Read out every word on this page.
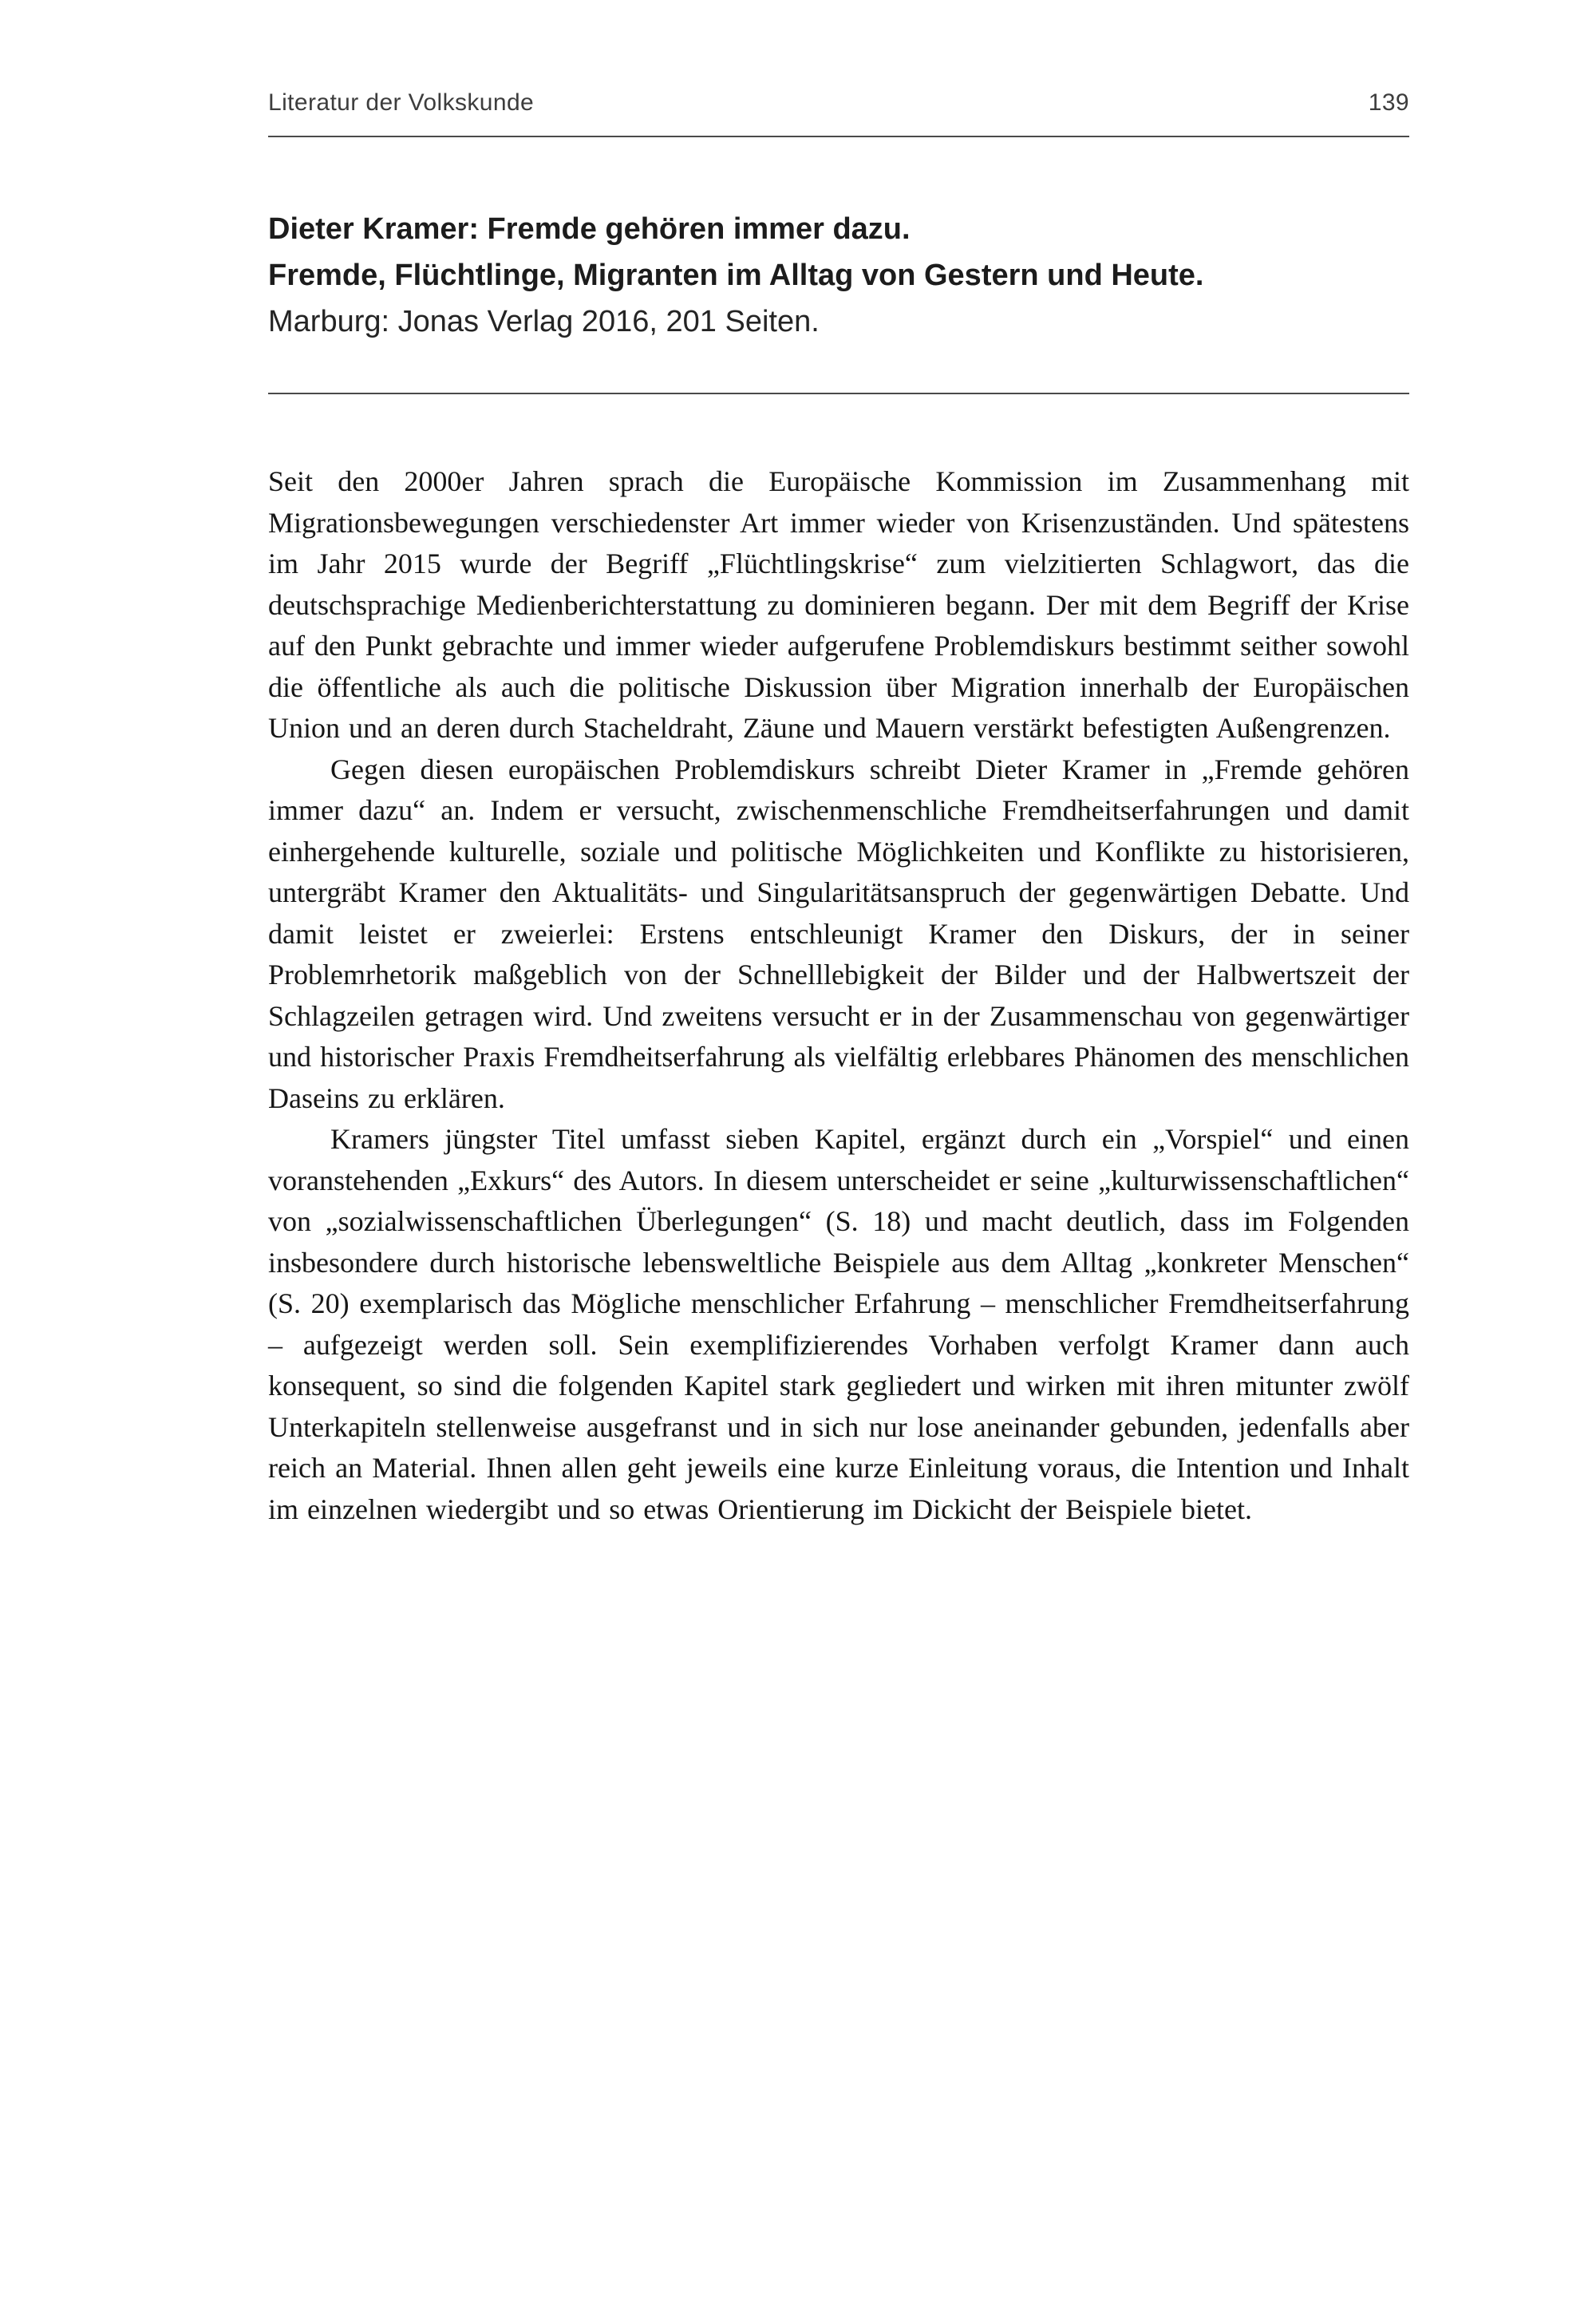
Literatur der Volkskunde	139
Dieter Kramer: Fremde gehören immer dazu.
Fremde, Flüchtlinge, Migranten im Alltag von Gestern und Heute.
Marburg: Jonas Verlag 2016, 201 Seiten.

Seit den 2000er Jahren sprach die Europäische Kommission im Zusammenhang mit Migrationsbewegungen verschiedenster Art immer wieder von Krisenzuständen. Und spätestens im Jahr 2015 wurde der Begriff „Flüchtlingskrise“ zum vielzitierten Schlagwort, das die deutschsprachige Medienberichterstattung zu dominieren begann. Der mit dem Begriff der Krise auf den Punkt gebrachte und immer wieder aufgerufene Problemdiskurs bestimmt seither sowohl die öffentliche als auch die politische Diskussion über Migration innerhalb der Europäischen Union und an deren durch Stacheldraht, Zäune und Mauern verstärkt befestigten Außengrenzen.

Gegen diesen europäischen Problemdiskurs schreibt Dieter Kramer in „Fremde gehören immer dazu“ an. Indem er versucht, zwischenmenschliche Fremdheitserfahrungen und damit einhergehende kulturelle, soziale und politische Möglichkeiten und Konflikte zu historisieren, untergräbt Kramer den Aktualitäts- und Singularitätsanspruch der gegenwärtigen Debatte. Und damit leistet er zweierlei: Erstens entschleunigt Kramer den Diskurs, der in seiner Problemrhetorik maßgeblich von der Schnelllebigkeit der Bilder und der Halbwertszeit der Schlagzeilen getragen wird. Und zweitens versucht er in der Zusammenschau von gegenwärtiger und historischer Praxis Fremdheitserfahrung als vielfältig erlebbares Phänomen des menschlichen Daseins zu erklären.

Kramers jüngster Titel umfasst sieben Kapitel, ergänzt durch ein „Vorspiel“ und einen voranstehenden „Exkurs“ des Autors. In diesem unterscheidet er seine „kulturwissenschaftlichen“ von „sozialwissenschaftlichen Überlegungen“ (S. 18) und macht deutlich, dass im Folgenden insbesondere durch historische lebensweltliche Beispiele aus dem Alltag „konkreter Menschen“ (S. 20) exemplarisch das Mögliche menschlicher Erfahrung – menschlicher Fremdheitserfahrung – aufgezeigt werden soll. Sein exemplifizierendes Vorhaben verfolgt Kramer dann auch konsequent, so sind die folgenden Kapitel stark gegliedert und wirken mit ihren mitunter zwölf Unterkapiteln stellenweise ausgefranst und in sich nur lose aneinander gebunden, jedenfalls aber reich an Material. Ihnen allen geht jeweils eine kurze Einleitung voraus, die Intention und Inhalt im einzelnen wiedergibt und so etwas Orientierung im Dickicht der Beispiele bietet.
